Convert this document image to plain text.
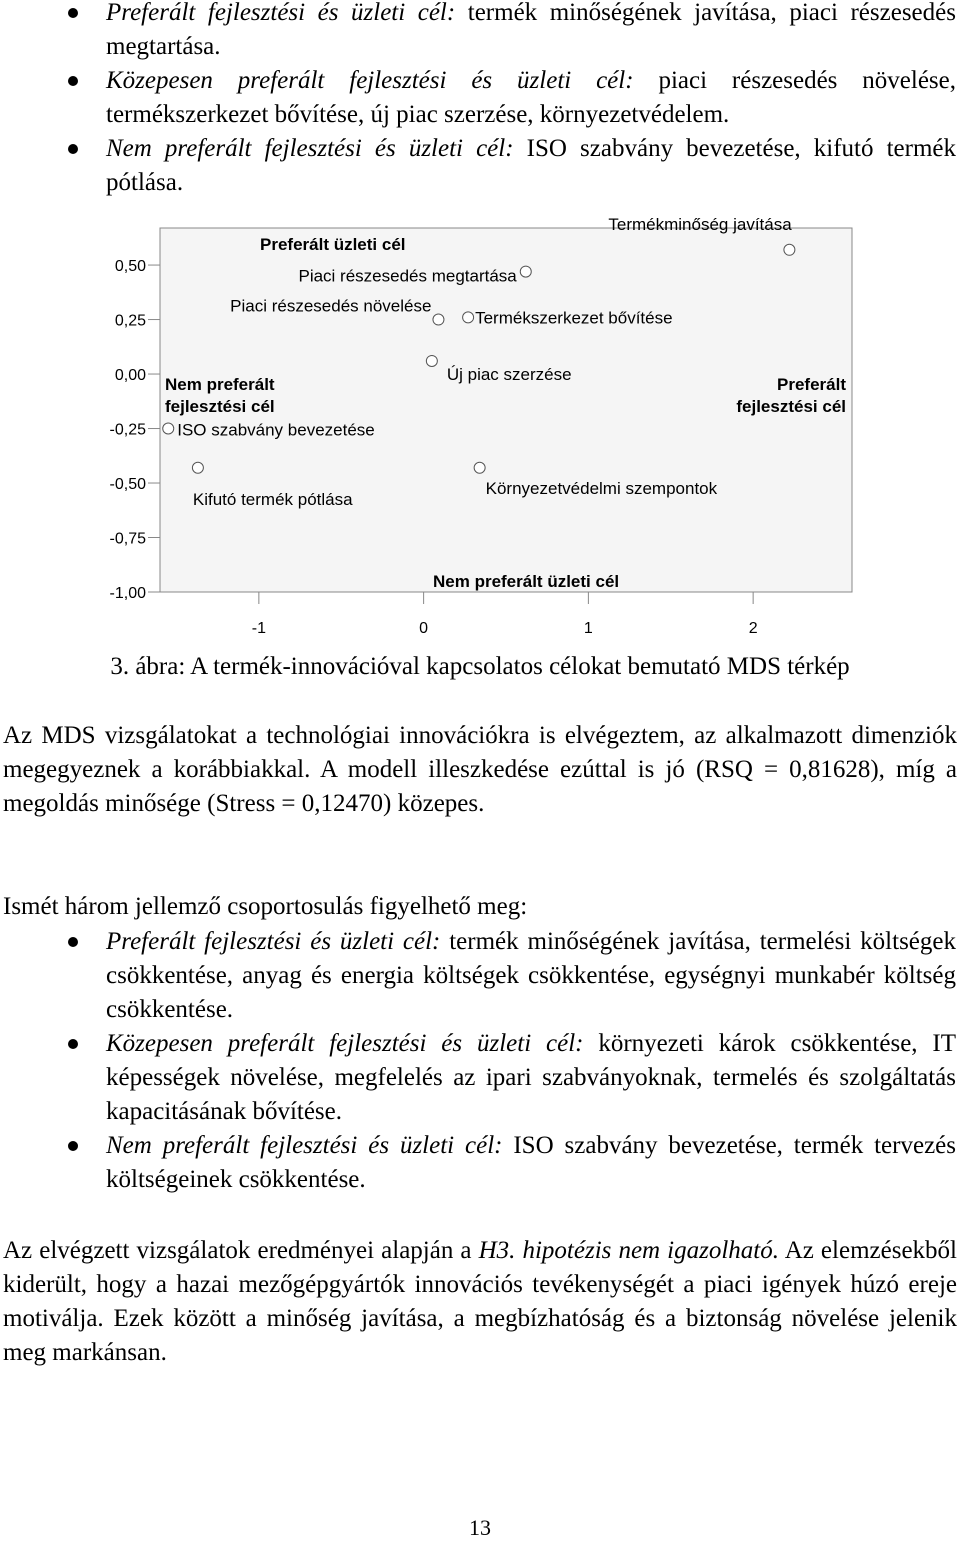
Preferált fejlesztési és üzleti cél: termék minőségének javítása, piaci részesedés megtartása.
Közepesen preferált fejlesztési és üzleti cél: piaci részesedés növelése, termékszerkezet bővítése, új piac szerzése, környezetvédelem.
Nem preferált fejlesztési és üzleti cél: ISO szabvány bevezetése, kifutó termék pótlása.
0,50
0,25
0,00
-0,25
-0,50
-0,75
-1,00
-1	0	1	2
Termékminőség javítása
Piaci részesedés megtartása
Piaci részesedés növelése
Termékszerkezet bővítése
Új piac szerzése
ISO szabvány bevezetése
Kifutó termék pótlása
Környezetvédelmi szempontok
Preferált üzleti cél
Nem preferált üzleti cél
Nem preferált
fejlesztési cél
Preferált
fejlesztési cél
3. ábra: A termék-innovációval kapcsolatos célokat bemutató MDS térkép

Az MDS vizsgálatokat a technológiai innovációkra is elvégeztem, az alkalmazott dimenziók megegyeznek a korábbiakkal. A modell illeszkedése ezúttal is jó (RSQ = 0,81628), míg a megoldás minősége (Stress = 0,12470) közepes.

Ismét három jellemző csoportosulás figyelhető meg:

Preferált fejlesztési és üzleti cél: termék minőségének javítása, termelési költségek csökkentése, anyag és energia költségek csökkentése, egységnyi munkabér költség csökkentése.
Közepesen preferált fejlesztési és üzleti cél: környezeti károk csökkentése, IT képességek növelése, megfelelés az ipari szabványoknak, termelés és szolgáltatás kapacitásának bővítése.
Nem preferált fejlesztési és üzleti cél: ISO szabvány bevezetése, termék tervezés költségeinek csökkentése.

Az elvégzett vizsgálatok eredményei alapján a H3. hipotézis nem igazolható. Az elemzésekből kiderült, hogy a hazai mezőgépgyártók innovációs tevékenységét a piaci igények húzó ereje motiválja. Ezek között a minőség javítása, a megbízhatóság és a biztonság növelése jelenik meg markánsan.

13
